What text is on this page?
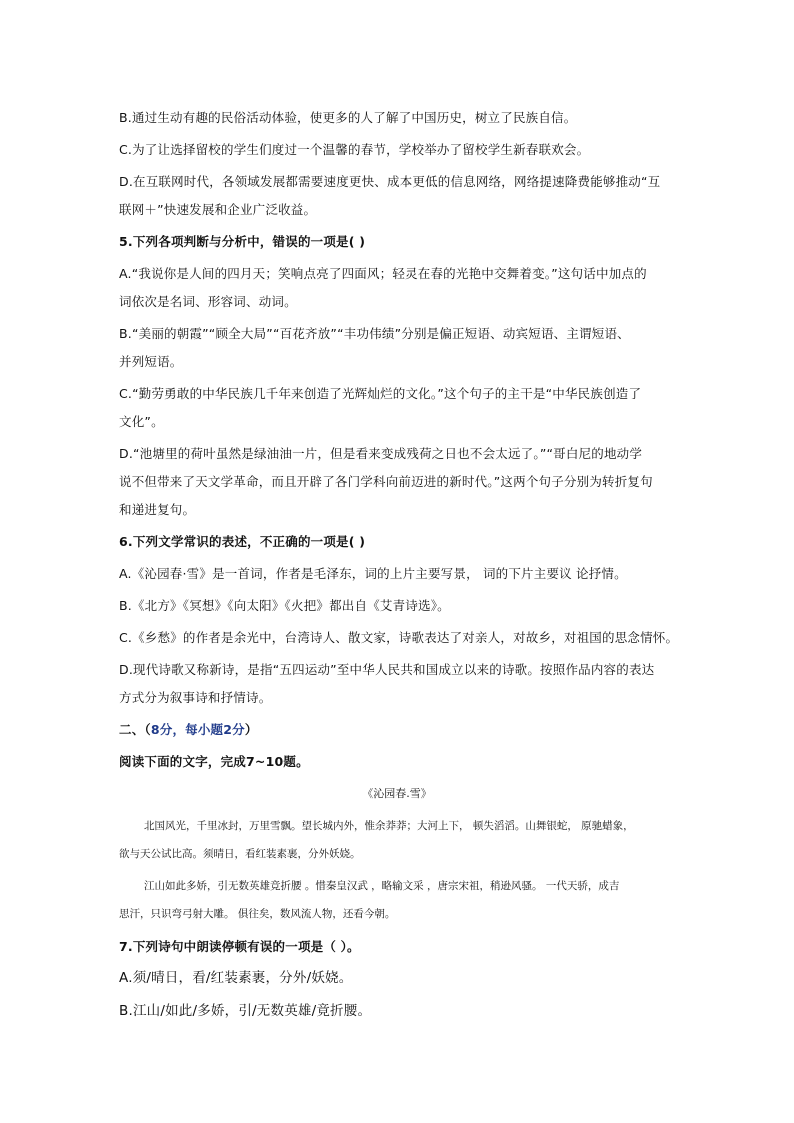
B.通过生动有趣的民俗活动体验，使更多的人了解了中国历史，树立了民族自信。
C.为了让选择留校的学生们度过一个温馨的春节，学校举办了留校学生新春联欢会。
D.在互联网时代，各领域发展都需要速度更快、成本更低的信息网络，网络提速降费能够推动“互
联网＋”快速发展和企业广泛收益。
5.下列各项判断与分析中，错误的一项是( )
A.“我说你是人间的四月天；笑响点亮了四面风；轻灵在春的光艳中交舞着变。”这句话中加点的
词依次是名词、形容词、动词。
B.“美丽的朝霞”“顾全大局”“百花齐放”“丰功伟绩”分别是偏正短语、动宾短语、主谓短语、
并列短语。
C.“勤劳勇敢的中华民族几千年来创造了光辉灿烂的文化。”这个句子的主干是“中华民族创造了
文化”。
D.“池塘里的荷叶虽然是绿油油一片，但是看来变成残荷之日也不会太远了。”“哥白尼的地动学
说不但带来了天文学革命，而且开辟了各门学科向前迈进的新时代。”这两个句子分别为转折复句
和递进复句。
6.下列文学常识的表述，不正确的一项是( )
A.《沁园春·雪》是一首词，作者是毛泽东，词的上片主要写景， 词的下片主要议 论抒情。
B.《北方》《冥想》《向太阳》《火把》都出自《艾青诗选》。
C.《乡愁》的作者是余光中，台湾诗人、散文家，诗歌表达了对亲人，对故乡，对祖国的思念情怀。
D.现代诗歌又称新诗，是指“五四运动”至中华人民共和国成立以来的诗歌。按照作品内容的表达
方式分为叙事诗和抒情诗。
二、（8分，每小题2分）
阅读下面的文字，完成7~10题。
《沁园春.雪》
北国风光，千里冰封，万里雪飘。望长城内外，惟余莽莽；大河上下， 顿失滔滔。山舞银蛇， 原驰蜡象，
欲与天公试比高。须晴日，看红装素裹，分外妖娆。
江山如此多娇，引无数英雄竞折腰 。惜秦皇汉武 ，略输文采 ，唐宗宋祖，稍逊风骚。 一代天骄，成吉
思汗，只识弯弓射大雕。 俱往矣，数风流人物，还看今朝。
7.下列诗句中朗读停顿有误的一项是（ ）。
A.须/晴日，看/红装素裹，分外/妖娆。
B.江山/如此/多娇，引/无数英雄/竟折腰。
